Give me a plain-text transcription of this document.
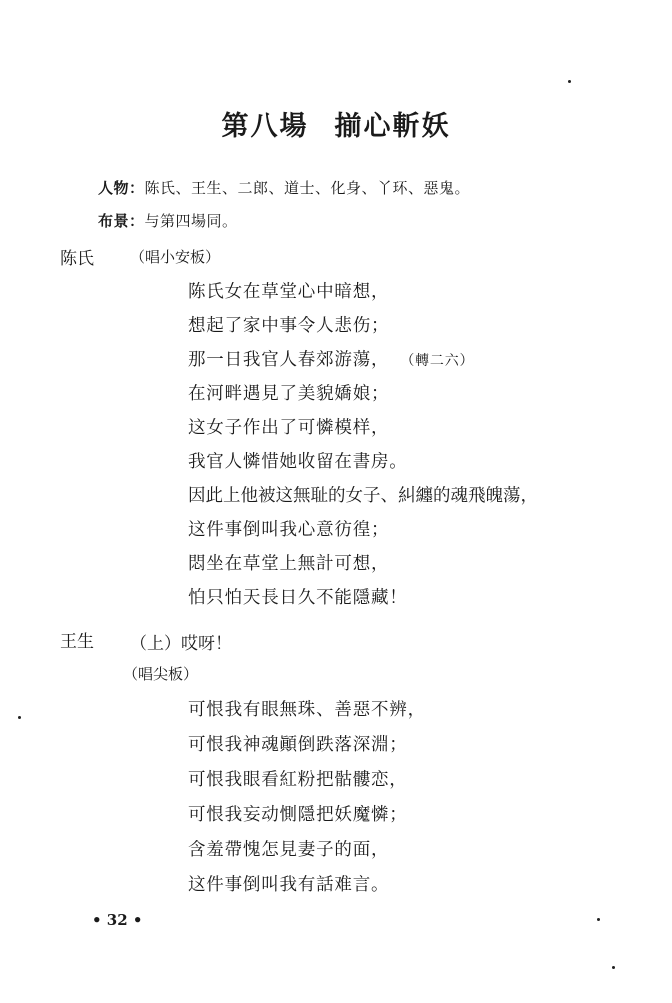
第八場 揃心斬妖
人物：陈氏、王生、二郎、道士、化身、丫环、惡鬼。
布景：与第四場同。
陈氏 （唱小安板）
陈氏女在草堂心中暗想，
想起了家中事令人悲伤；
那一日我官人春郊游蕩， （轉二六）
在河畔遇見了美貌嬌娘；
这女子作出了可憐模样，
我官人憐惜她收留在書房。
因此上他被这無耻的女子、糾纏的魂飛魄蕩，
这件事倒叫我心意彷徨；
悶坐在草堂上無計可想，
怕只怕天長日久不能隱藏！
王生 （上）哎呀！
（唱尖板）
可恨我有眼無珠、善惡不辨，
可恨我神魂顚倒跌落深淵；
可恨我眼看紅粉把骷髏恋，
可恨我妄动惻隱把妖魔憐；
含羞帶愧怎見妻子的面，
这件事倒叫我有話难言。
• 32 •
